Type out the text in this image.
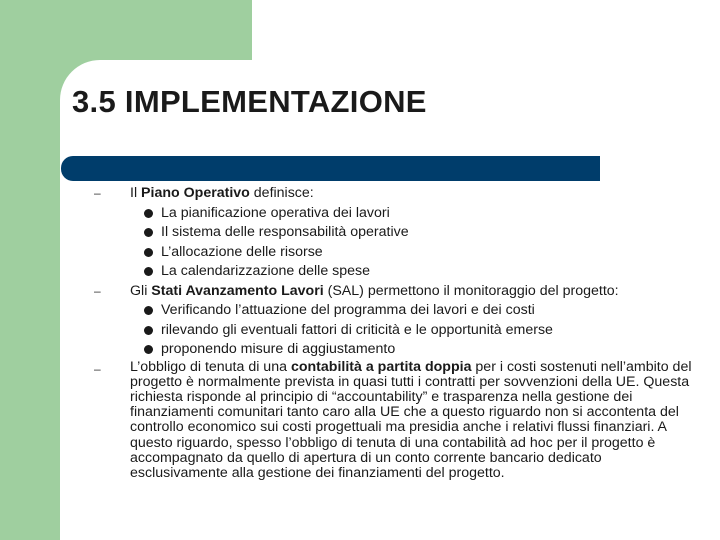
3.5 IMPLEMENTAZIONE
–	Il Piano Operativo definisce:
La pianificazione operativa dei lavori
Il sistema delle responsabilità operative
L’allocazione delle risorse
La calendarizzazione delle spese
–	Gli Stati Avanzamento Lavori (SAL) permettono il monitoraggio del progetto:
Verificando l’attuazione del programma dei lavori e dei costi
rilevando gli eventuali fattori di criticità e le opportunità emerse
proponendo misure di aggiustamento
–	L’obbligo di tenuta di una contabilità a partita doppia per i costi sostenuti nell’ambito del progetto è normalmente prevista in quasi tutti i contratti per sovvenzioni della UE. Questa richiesta risponde al principio di “accountability” e trasparenza nella gestione dei finanziamenti comunitari tanto caro alla UE che a questo riguardo non si accontenta del controllo economico sui costi progettuali ma presidia anche i relativi flussi finanziari. A questo riguardo, spesso l’obbligo di tenuta di una contabilità ad hoc per il progetto è accompagnato da quello di apertura di un conto corrente bancario dedicato esclusivamente alla gestione dei finanziamenti del progetto.
